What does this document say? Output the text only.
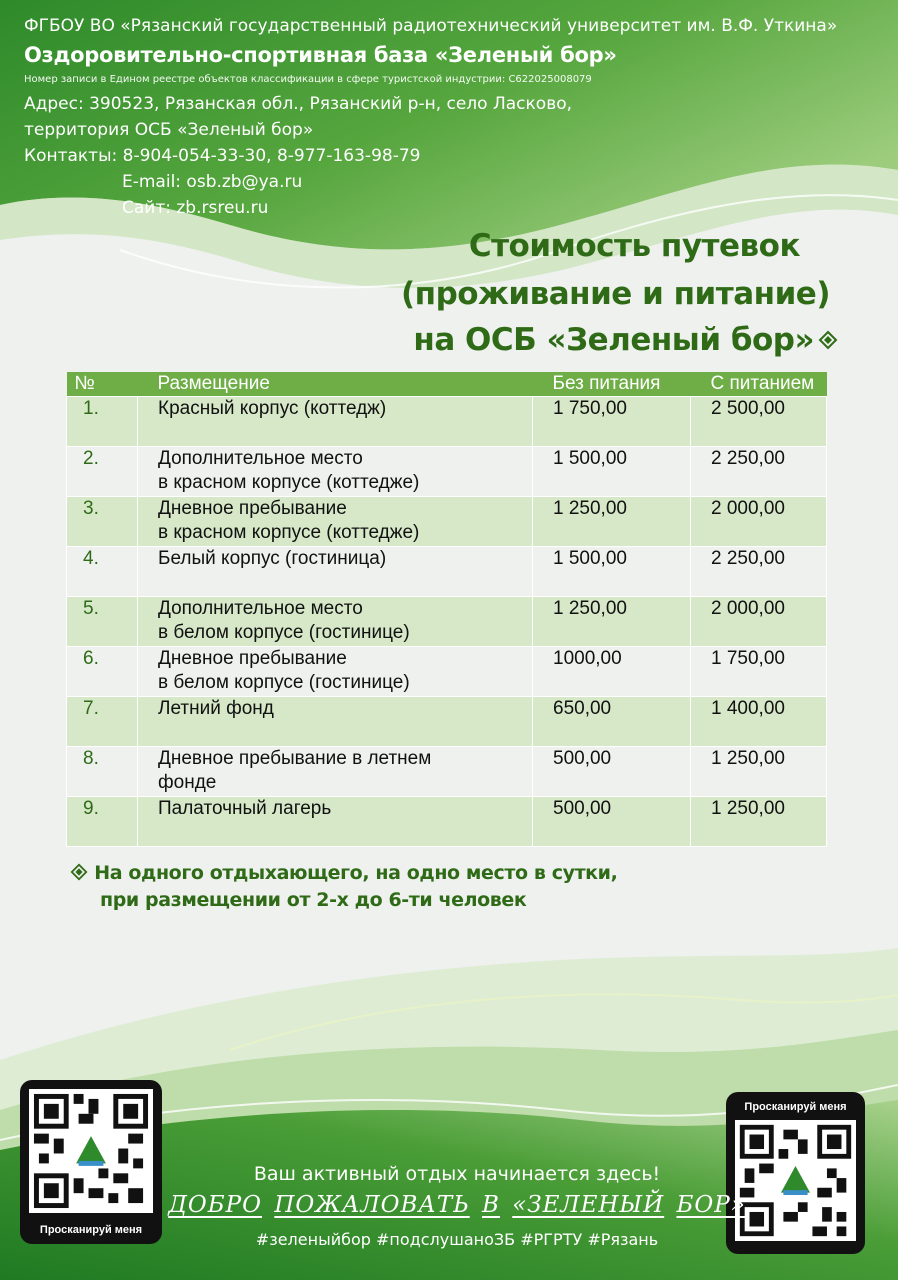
ФГБОУ ВО «Рязанский государственный радиотехнический университет им. В.Ф. Уткина»
Оздоровительно-спортивная база «Зеленый бор»
Номер записи в Едином реестре объектов классификации в сфере туристской индустрии: С622025008079
Адрес: 390523, Рязанская обл., Рязанский р-н, село Ласково,
территория ОСБ «Зеленый бор»
Контакты: 8-904-054-33-30, 8-977-163-98-79
E-mail: osb.zb@ya.ru
Сайт: zb.rsreu.ru
Стоимость путевок
(проживание и питание)
на ОСБ «Зеленый бор»
№	Размещение	Без питания	С питанием
1.	Красный корпус (коттедж)	1 750,00	2 500,00
2.	Дополнительное место
в красном корпусе (коттедже)	1 500,00	2 250,00
3.	Дневное пребывание
в красном корпусе (коттедже)	1 250,00	2 000,00
4.	Белый корпус (гостиница)	1 500,00	2 250,00
5.	Дополнительное место
в белом корпусе (гостинице)	1 250,00	2 000,00
6.	Дневное пребывание
в белом корпусе (гостинице)	1000,00	1 750,00
7.	Летний фонд	650,00	1 400,00
8.	Дневное пребывание в летнем
фонде	500,00	1 250,00
9.	Палаточный лагерь	500,00	1 250,00
На одного отдыхающего, на одно место в сутки,
при размещении от 2-х до 6-ти человек
Просканируй меня
Просканируй меня
Ваш активный отдых начинается здесь!
ДОБРО ПОЖАЛОВАТЬ В «ЗЕЛЕНЫЙ БОР»
#зеленыйбор #подслушаноЗБ #РГРТУ #Рязань
